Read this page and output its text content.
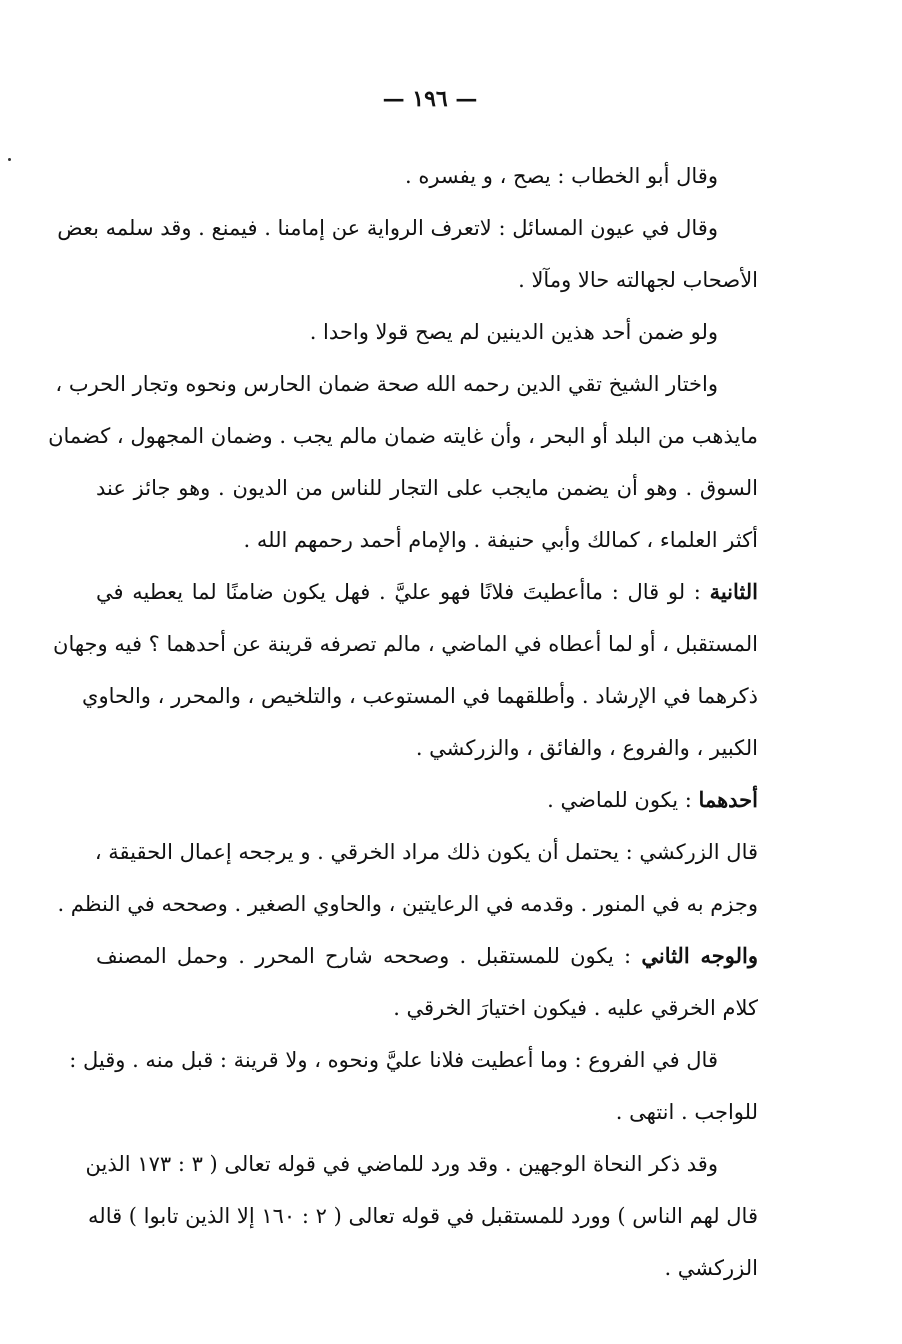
— ١٩٦ —
وقال أبو الخطاب : يصح ، و يفسره .
وقال في عيون المسائل : لاتعرف الرواية عن إمامنا . فيمنع . وقد سلمه بعض
الأصحاب لجهالته حالا ومآلا .
ولو ضمن أحد هذين الدينين لم يصح قولا واحدا .
واختار الشيخ تقي الدين رحمه الله صحة ضمان الحارس ونحوه وتجار الحرب ،
مايذهب من البلد أو البحر ، وأن غايته ضمان مالم يجب . وضمان المجهول ، كضمان
السوق . وهو أن يضمن مايجب على التجار للناس من الديون . وهو جائز عند
أكثر العلماء ، كمالك وأبي حنيفة . والإمام أحمد رحمهم الله .
الثانية : لو قال : ماأعطيتَ فلانًا فهو عليَّ . فهل يكون ضامنًا لما يعطيه في
المستقبل ، أو لما أعطاه في الماضي ، مالم تصرفه قرينة عن أحدهما ؟ فيه وجهان
ذكرهما في الإرشاد . وأطلقهما في المستوعب ، والتلخيص ، والمحرر ، والحاوي
الكبير ، والفروع ، والفائق ، والزركشي .
أحدهما : يكون للماضي .
قال الزركشي : يحتمل أن يكون ذلك مراد الخرقي . و يرجحه إعمال الحقيقة ،
وجزم به في المنور . وقدمه في الرعايتين ، والحاوي الصغير . وصححه في النظم .
والوجه الثاني : يكون للمستقبل . وصححه شارح المحرر . وحمل المصنف
كلام الخرقي عليه . فيكون اختيارَ الخرقي .
قال في الفروع : وما أعطيت فلانا عليَّ ونحوه ، ولا قرينة : قبل منه . وقيل :
للواجب . انتهى .
وقد ذكر النحاة الوجهين . وقد ورد للماضي في قوله تعالى ( ٣ : ١٧٣ الذين
قال لهم الناس ) وورد للمستقبل في قوله تعالى ( ٢ : ١٦٠ إلا الذين تابوا ) قاله
الزركشي .
